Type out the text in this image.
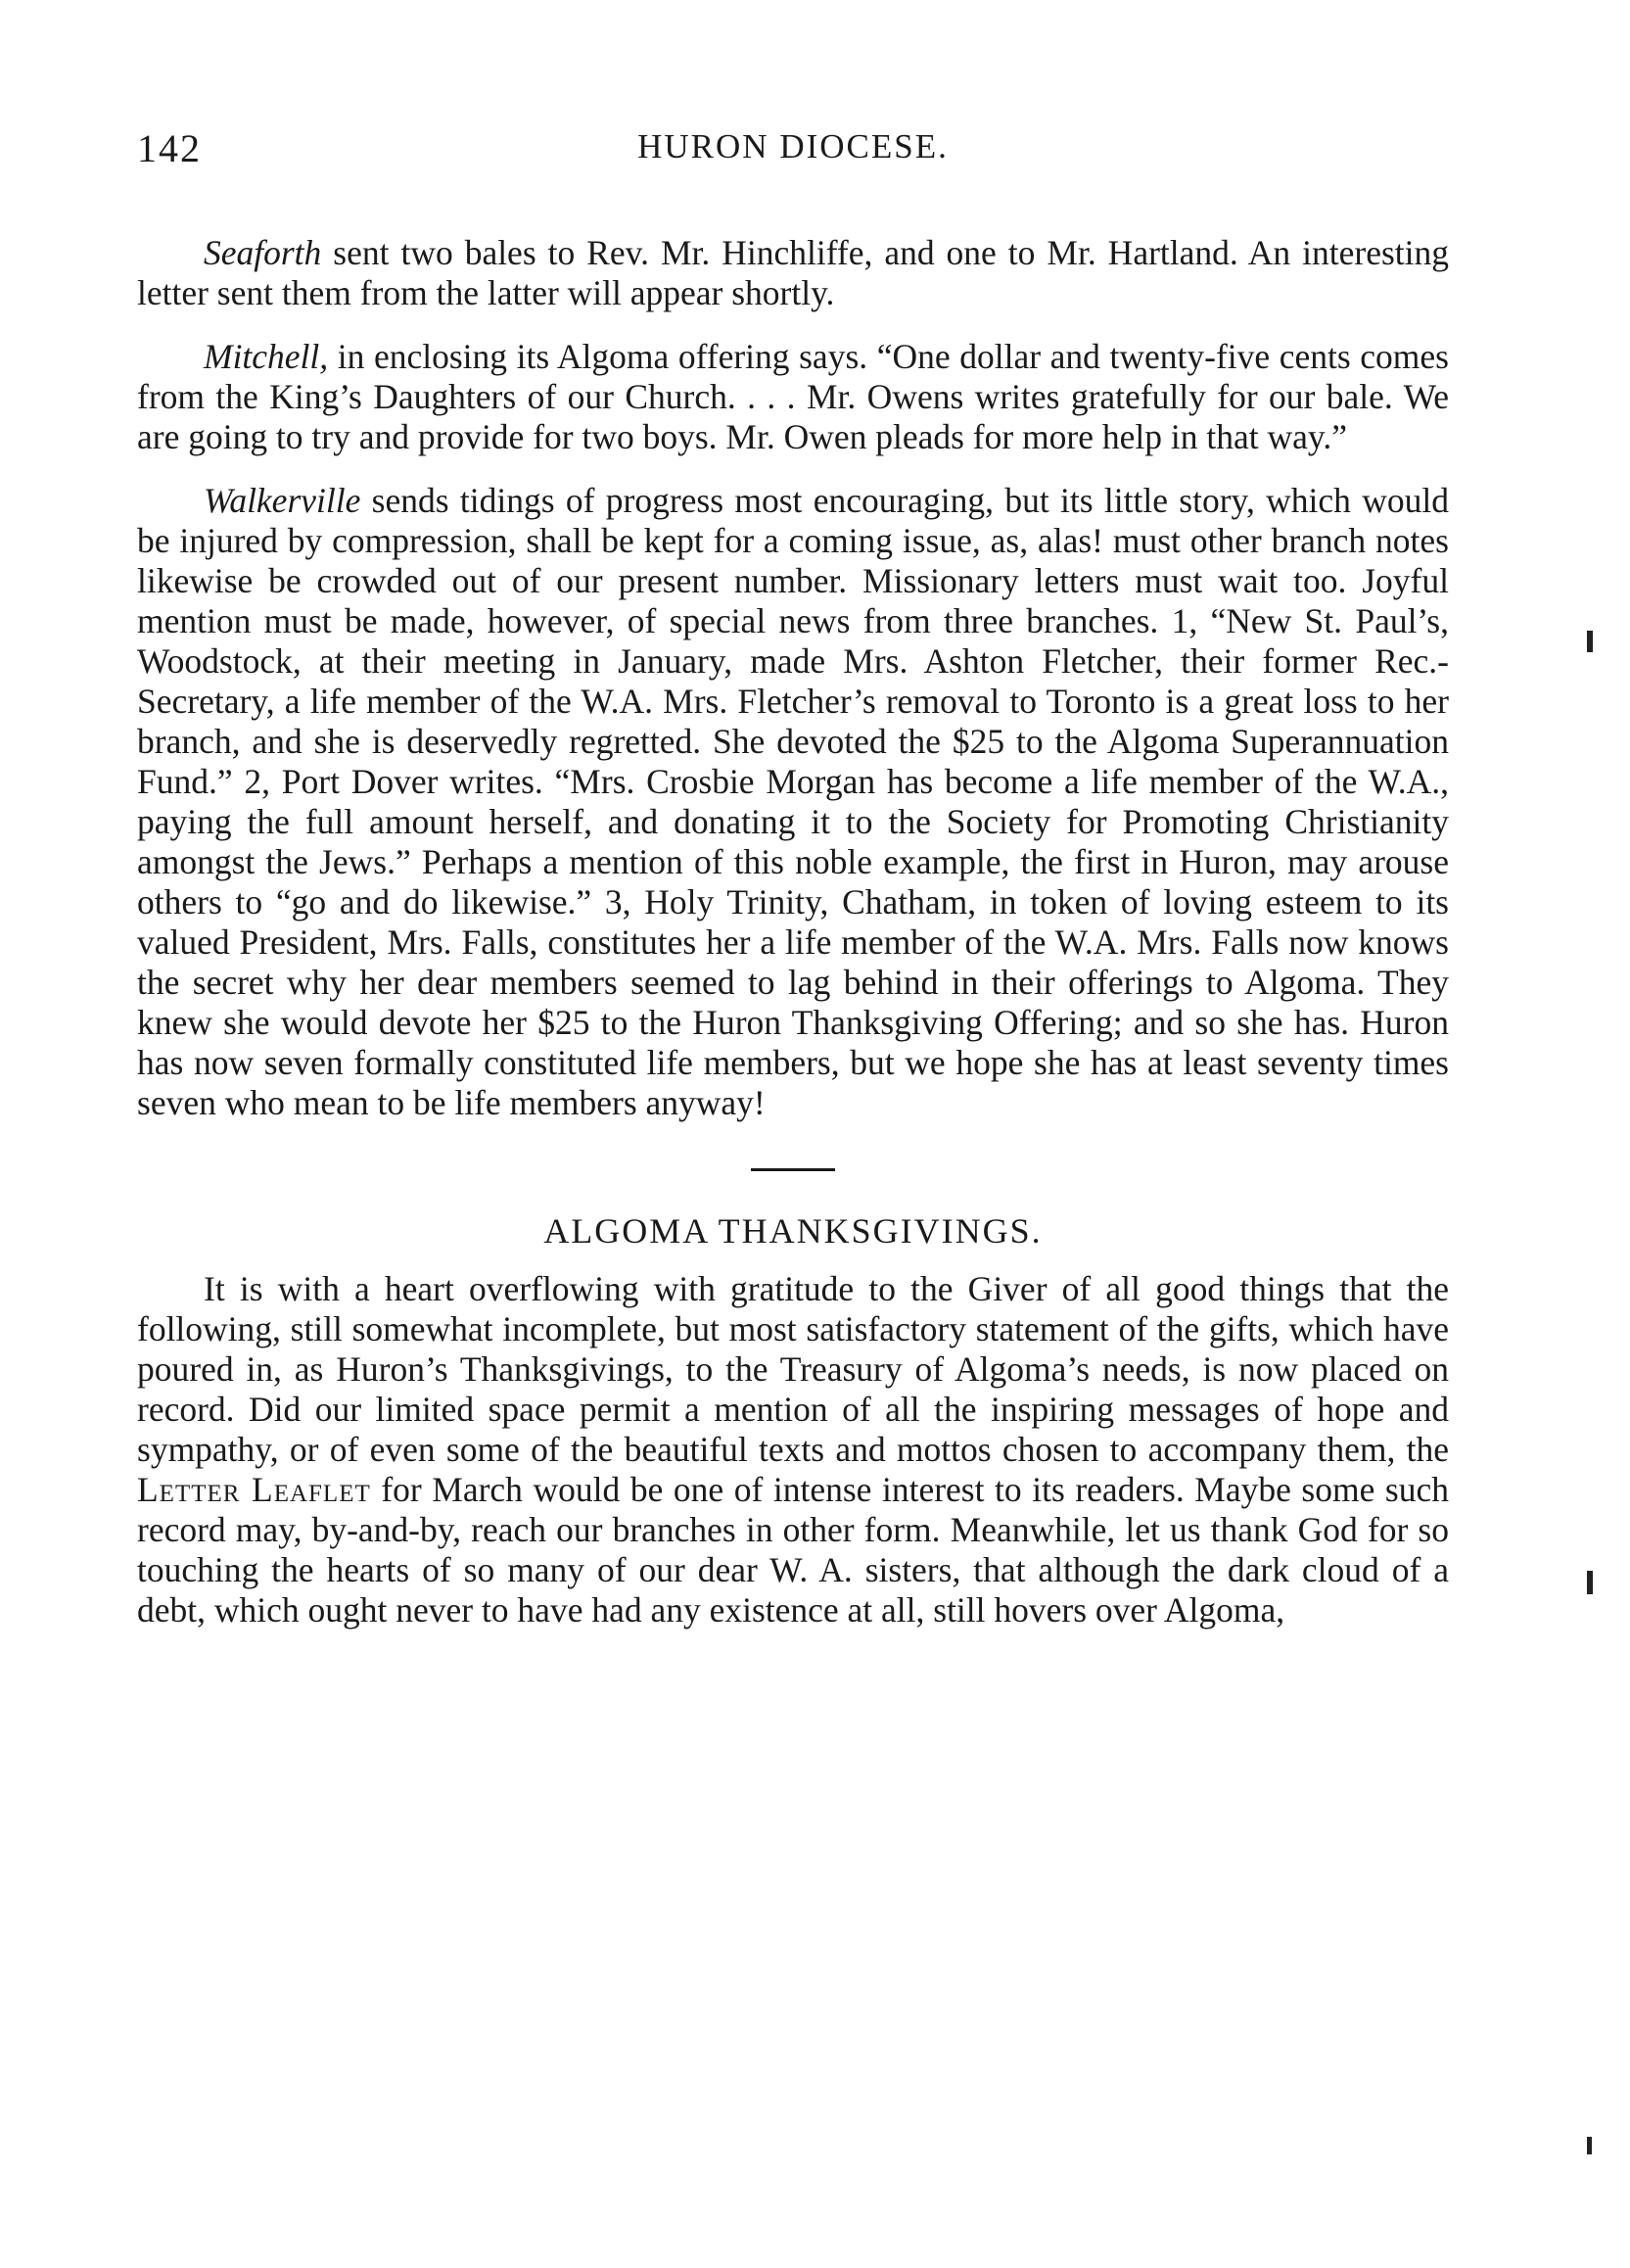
142	HURON DIOCESE.

Seaforth sent two bales to Rev. Mr. Hinchliffe, and one to Mr. Hartland. An interesting letter sent them from the latter will appear shortly.

Mitchell, in enclosing its Algoma offering says. “One dollar and twenty-five cents comes from the King’s Daughters of our Church. . . . Mr. Owens writes gratefully for our bale. We are going to try and provide for two boys. Mr. Owen pleads for more help in that way.”

Walkerville sends tidings of progress most encouraging, but its little story, which would be injured by compression, shall be kept for a coming issue, as, alas! must other branch notes likewise be crowded out of our present number. Missionary letters must wait too. Joyful mention must be made, however, of special news from three branches. 1, “New St. Paul’s, Woodstock, at their meeting in January, made Mrs. Ashton Fletcher, their former Rec.-Secretary, a life member of the W.A. Mrs. Fletcher’s removal to Toronto is a great loss to her branch, and she is deservedly regretted. She devoted the $25 to the Algoma Superannuation Fund.” 2, Port Dover writes. “Mrs. Crosbie Morgan has become a life member of the W.A., paying the full amount herself, and donating it to the Society for Promoting Christianity amongst the Jews.” Perhaps a mention of this noble example, the first in Huron, may arouse others to “go and do likewise.” 3, Holy Trinity, Chatham, in token of loving esteem to its valued President, Mrs. Falls, constitutes her a life member of the W.A. Mrs. Falls now knows the secret why her dear members seemed to lag behind in their offerings to Algoma. They knew she would devote her $25 to the Huron Thanksgiving Offering; and so she has. Huron has now seven formally constituted life members, but we hope she has at least seventy times seven who mean to be life members anyway!

ALGOMA THANKSGIVINGS.

It is with a heart overflowing with gratitude to the Giver of all good things that the following, still somewhat incomplete, but most satisfactory statement of the gifts, which have poured in, as Huron’s Thanksgivings, to the Treasury of Algoma’s needs, is now placed on record. Did our limited space permit a mention of all the inspiring messages of hope and sympathy, or of even some of the beautiful texts and mottos chosen to accompany them, the Letter Leaflet for March would be one of intense interest to its readers. Maybe some such record may, by-and-by, reach our branches in other form. Meanwhile, let us thank God for so touching the hearts of so many of our dear W. A. sisters, that although the dark cloud of a debt, which ought never to have had any existence at all, still hovers over Algoma,
